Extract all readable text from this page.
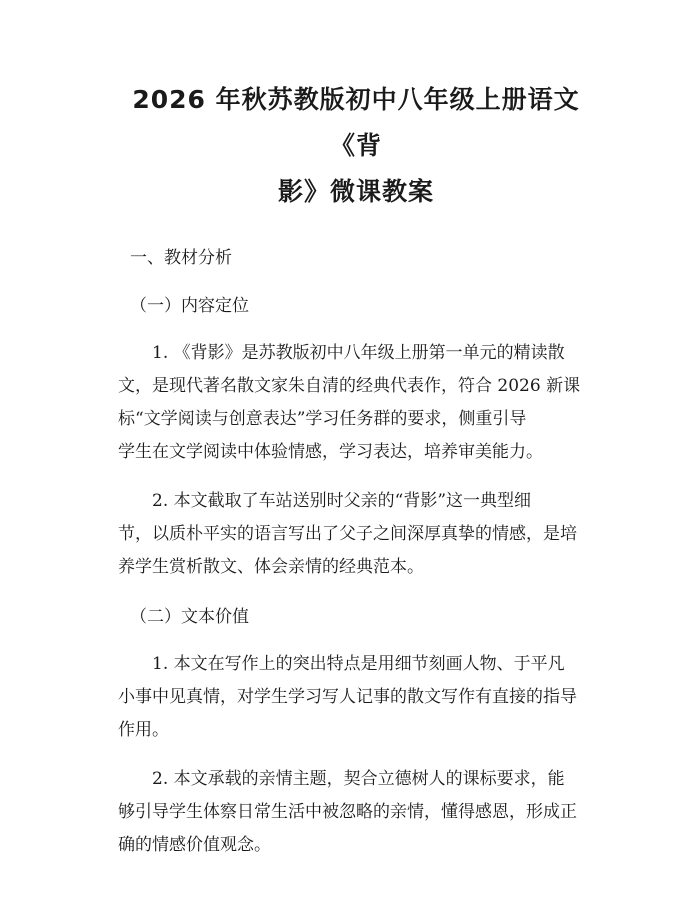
2026 年秋苏教版初中八年级上册语文《背
影》微课教案
一、教材分析
（一）内容定位
1. 《背影》是苏教版初中八年级上册第一单元的精读散
文，是现代著名散文家朱自清的经典代表作，符合 2026 新课
标“文学阅读与创意表达”学习任务群的要求，侧重引导
学生在文学阅读中体验情感，学习表达，培养审美能力。
2. 本文截取了车站送别时父亲的“背影”这一典型细
节，以质朴平实的语言写出了父子之间深厚真挚的情感，是培
养学生赏析散文、体会亲情的经典范本。
（二）文本价值
1. 本文在写作上的突出特点是用细节刻画人物、于平凡
小事中见真情，对学生学习写人记事的散文写作有直接的指导
作用。
2. 本文承载的亲情主题，契合立德树人的课标要求，能
够引导学生体察日常生活中被忽略的亲情，懂得感恩，形成正
确的情感价值观念。
